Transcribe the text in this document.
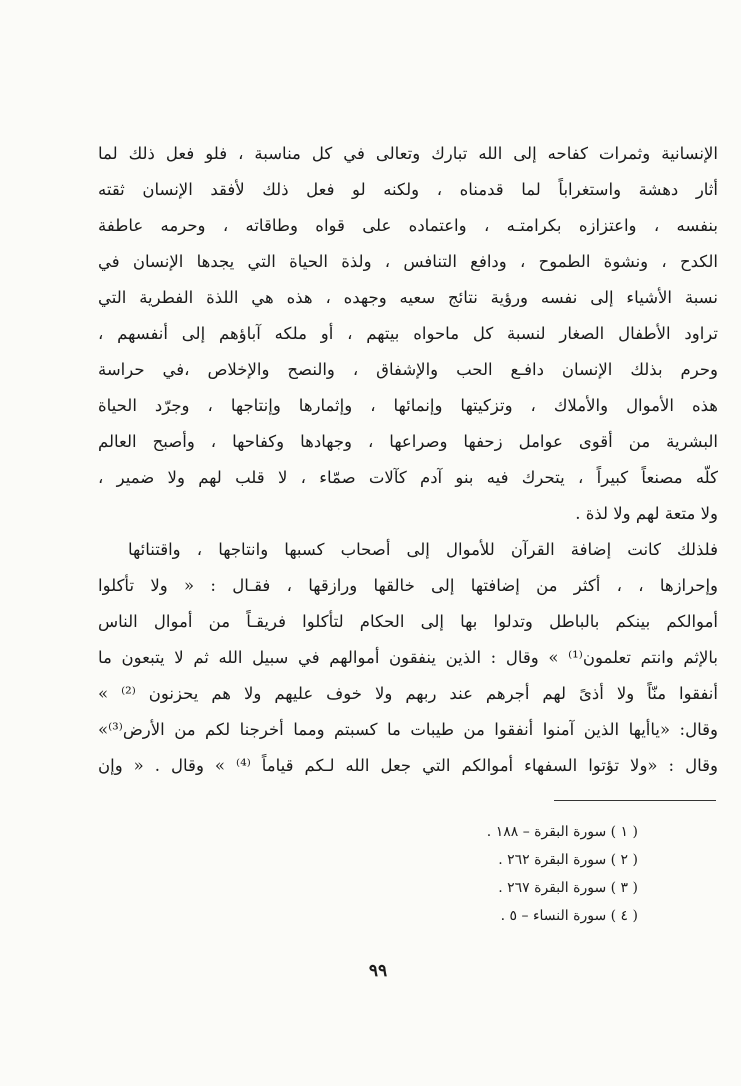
الإنسانية وثمرات كفاحه إلى الله تبارك وتعالى في كل مناسبة ، فلو فعل ذلك لما
أثار دهشة واستغراباً لما قدمناه ، ولكنه لو فعل ذلك لأفقد الإنسان ثقته
بنفسه ، واعتزازه بكرامتـه ، واعتماده على قواه وطاقاته ، وحرمه عاطفة
الكدح ، ونشوة الطموح ، ودافع التنافس ، ولذة الحياة التي يجدها الإنسان في
نسبة الأشياء إلى نفسه ورؤية نتائج سعيه وجهده ، هذه هي اللذة الفطرية التي
تراود الأطفال الصغار لنسبة كل ماحواه بيتهم ، أو ملكه آباؤهم إلى أنفسهم ،
وحرم بذلك الإنسان دافـع الحب والإشفاق ، والنصح والإخلاص ،في حراسة
هذه الأموال والأملاك ، وتزكيتها وإنمائها ، وإثمارها وإنتاجها ، وجرّد الحياة
البشرية من أقوى عوامل زحفها وصراعها ، وجهادها وكفاحها ، وأصبح العالم
كلّه مصنعاً كبيراً ، يتحرك فيه بنو آدم كآلات صمّاء ، لا قلب لهم ولا ضمير ،
ولا متعة لهم ولا لذة .
فلذلك كانت إضافة القرآن للأموال إلى أصحاب كسبها وانتاجها ، واقتنائها
وإحرازها ، ، أكثر من إضافتها إلى خالقها ورازقها ، فقـال : « ولا تأكلوا
أموالكم بينكم بالباطل وتدلوا بها إلى الحكام لتأكلوا فريقـاً من أموال الناس
بالإثم وانتم تعلمون⁽¹⁾ » وقال : الذين ينفقون أموالهم في سبيل الله ثم لا يتبعون ما
أنفقوا منّاً ولا أذىً لهم أجرهم عند ربهم ولا خوف عليهم ولا هم يحزنون ⁽²⁾ »
وقال: «ياأيها الذين آمنوا أنفقوا من طيبات ما كسبتم ومما أخرجنا لكم من الأرض⁽³⁾»
وقال : «ولا تؤتوا السفهاء أموالكم التي جعل الله لـكم قياماً ⁽⁴⁾ » وقال . « وإن
( ١ ) سورة البقرة – ١٨٨ .
( ٢ ) سورة البقرة ٢٦٢ .
( ٣ ) سورة البقرة ٢٦٧ .
( ٤ ) سورة النساء – ٥ .
٩٩
